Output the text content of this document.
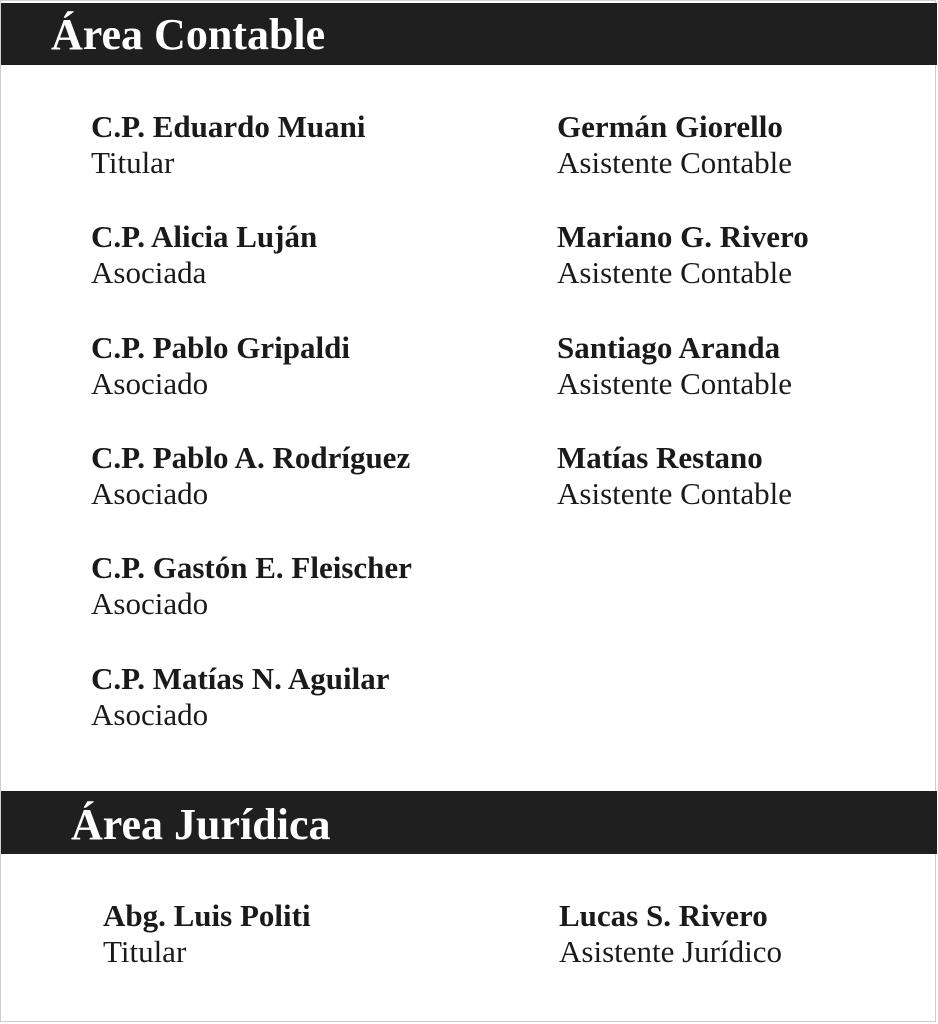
Área Contable
C.P. Eduardo Muani
Titular
C.P. Alicia Luján
Asociada
C.P. Pablo Gripaldi
Asociado
C.P. Pablo A. Rodríguez
Asociado
C.P. Gastón E. Fleischer
Asociado
C.P. Matías N. Aguilar
Asociado
Germán Giorello
Asistente Contable
Mariano G. Rivero
Asistente Contable
Santiago Aranda
Asistente Contable
Matías Restano
Asistente Contable
Área Jurídica
Abg. Luis Politi
Titular
Lucas S. Rivero
Asistente Jurídico
